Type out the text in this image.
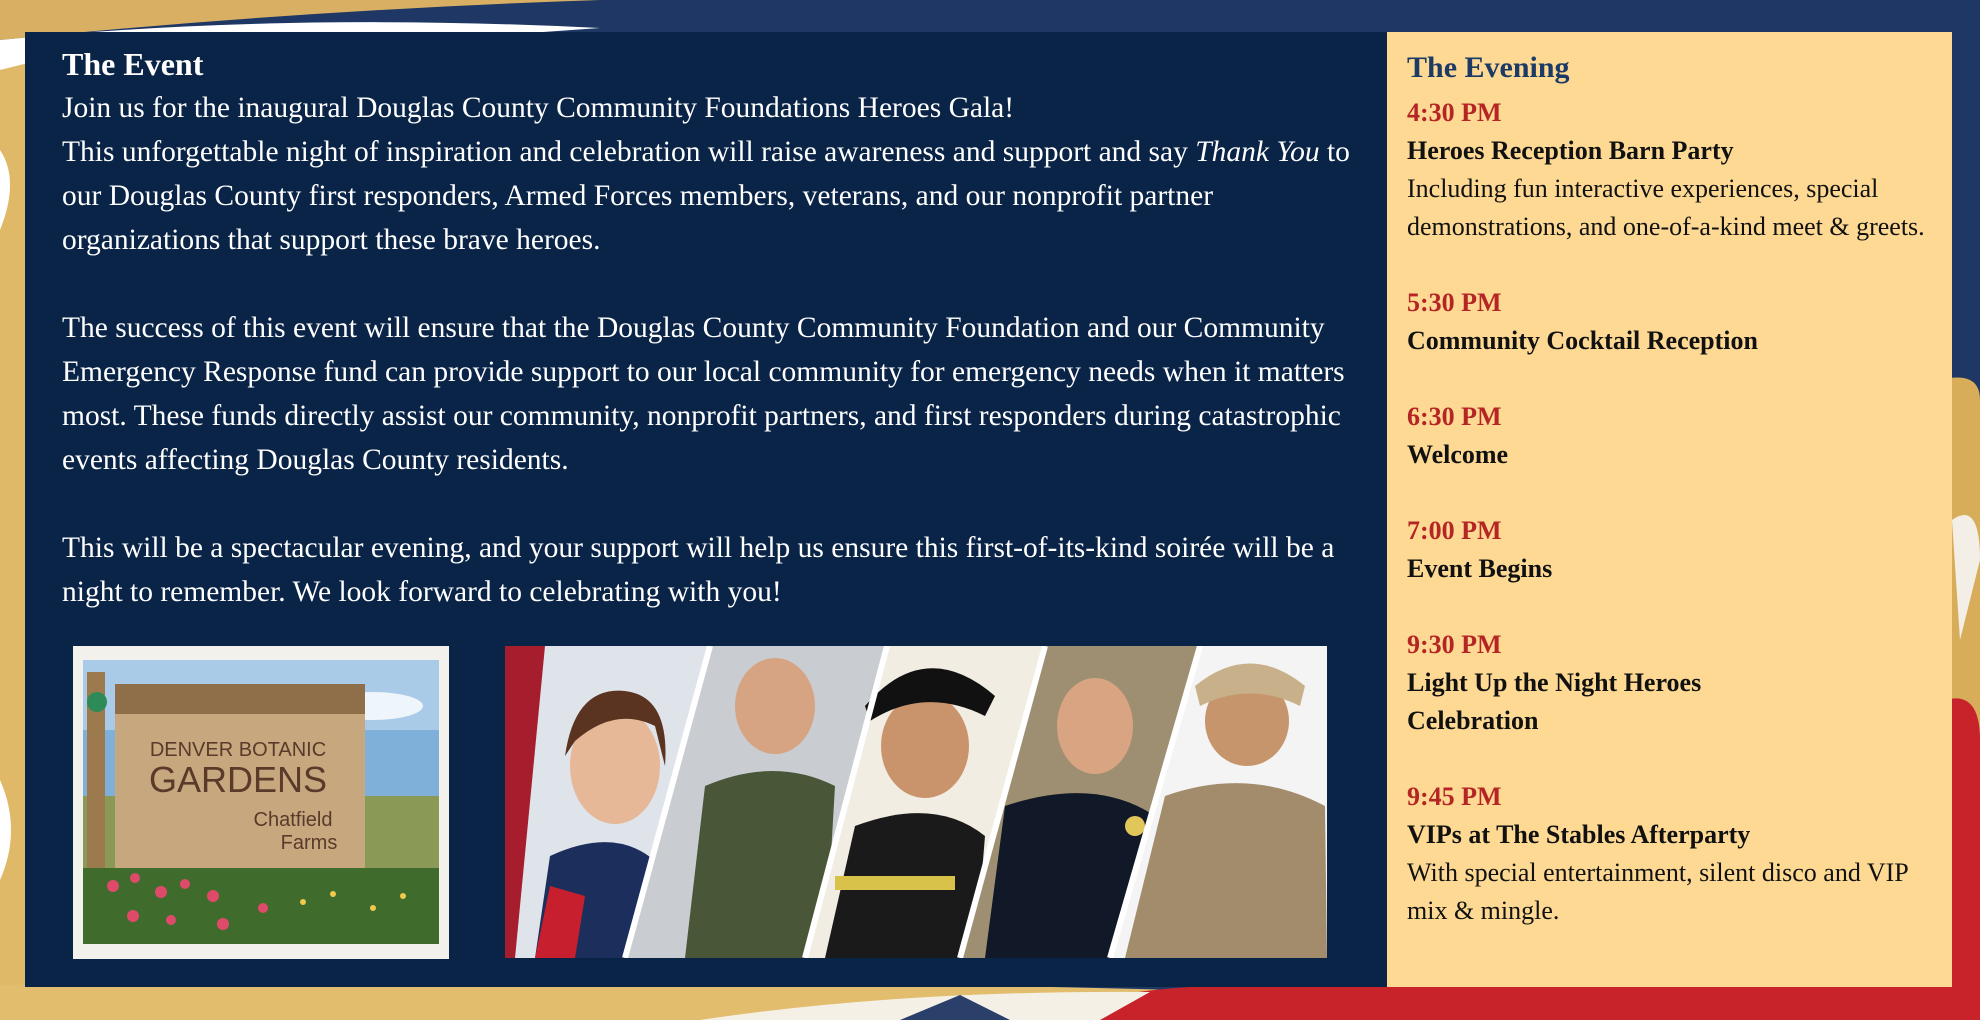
The Event

Join us for the inaugural Douglas County Community Foundations Heroes Gala!
This unforgettable night of inspiration and celebration will raise awareness and support and say Thank You to our Douglas County first responders, Armed Forces members, veterans, and our nonprofit partner organizations that support these brave heroes.

The success of this event will ensure that the Douglas County Community Foundation and our Community Emergency Response fund can provide support to our local community for emergency needs when it matters most. These funds directly assist our community, nonprofit partners, and first responders during catastrophic events affecting Douglas County residents.

This will be a spectacular evening, and your support will help us ensure this first-of-its-kind soirée will be a night to remember. We look forward to celebrating with you!

DENVER BOTANIC
GARDENS
Chatfield
Farms
The Evening
4:30 PM
Heroes Reception Barn Party
Including fun interactive experiences, special demonstrations, and one-of-a-kind meet & greets.
5:30 PM
Community Cocktail Reception
6:30 PM
Welcome
7:00 PM
Event Begins
9:30 PM
Light Up the Night Heroes Celebration
9:45 PM
VIPs at The Stables Afterparty
With special entertainment, silent disco and VIP mix & mingle.
